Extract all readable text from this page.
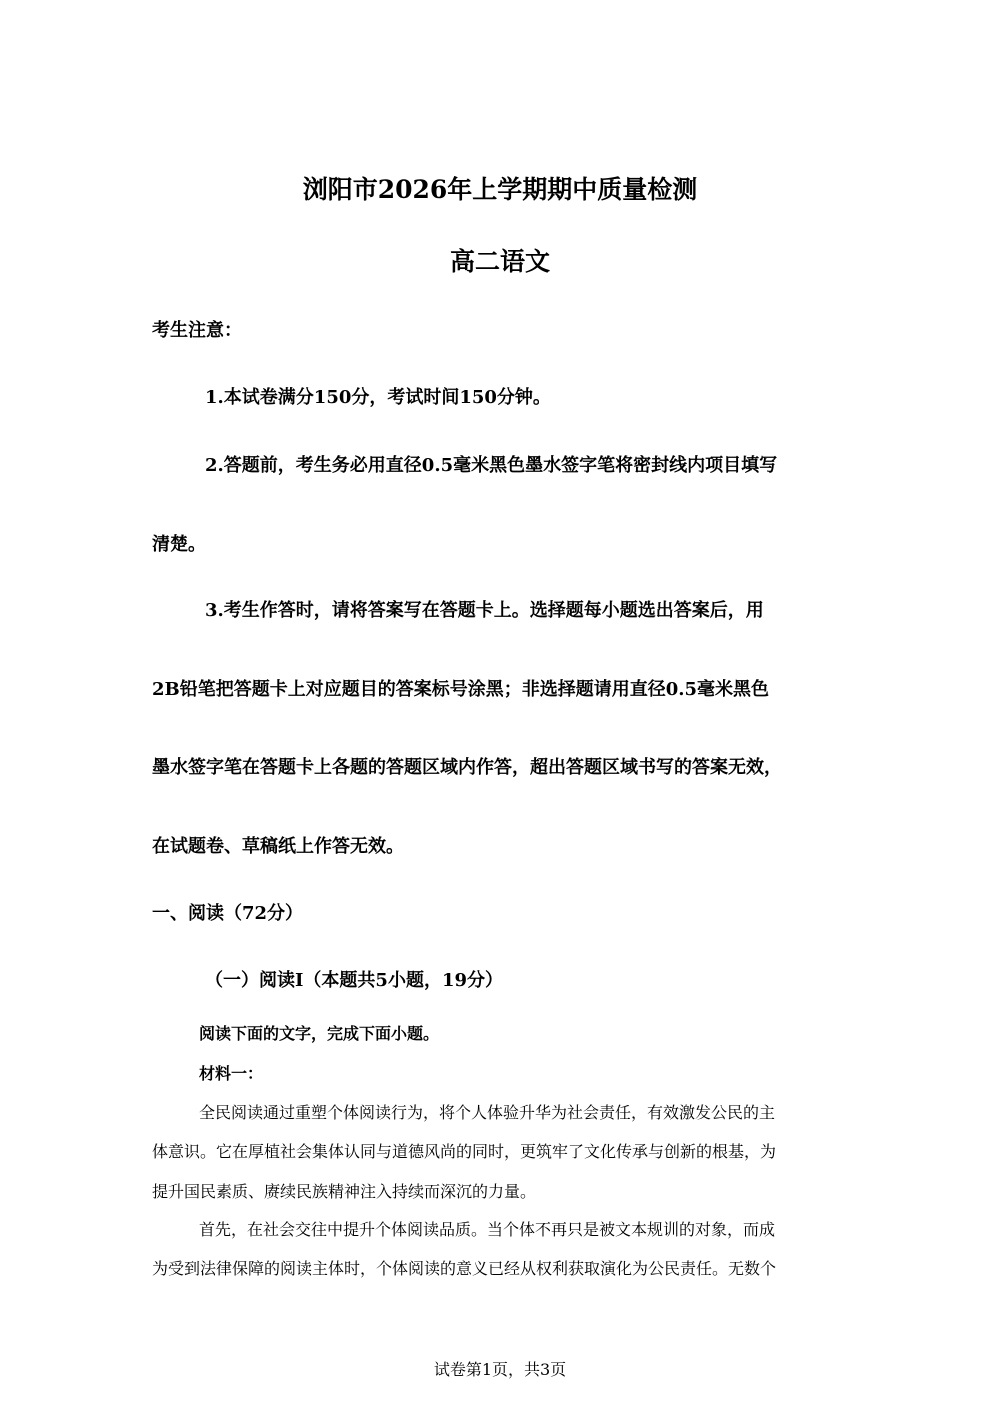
浏阳市2026年上学期期中质量检测
高二语文
考生注意：
1.本试卷满分150分，考试时间150分钟。
2.答题前，考生务必用直径0.5毫米黑色墨水签字笔将密封线内项目填写
清楚。
3.考生作答时，请将答案写在答题卡上。选择题每小题选出答案后，用
2B铅笔把答题卡上对应题目的答案标号涂黑；非选择题请用直径0.5毫米黑色
墨水签字笔在答题卡上各题的答题区域内作答，超出答题区域书写的答案无效，
在试题卷、草稿纸上作答无效。
一、阅读（72分）
（一）阅读I（本题共5小题，19分）
阅读下面的文字，完成下面小题。
材料一：
全民阅读通过重塑个体阅读行为，将个人体验升华为社会责任，有效激发公民的主
体意识。它在厚植社会集体认同与道德风尚的同时，更筑牢了文化传承与创新的根基，为
提升国民素质、赓续民族精神注入持续而深沉的力量。
首先，在社会交往中提升个体阅读品质。当个体不再只是被文本规训的对象，而成
为受到法律保障的阅读主体时，个体阅读的意义已经从权利获取演化为公民责任。无数个
试卷第1页，共3页
